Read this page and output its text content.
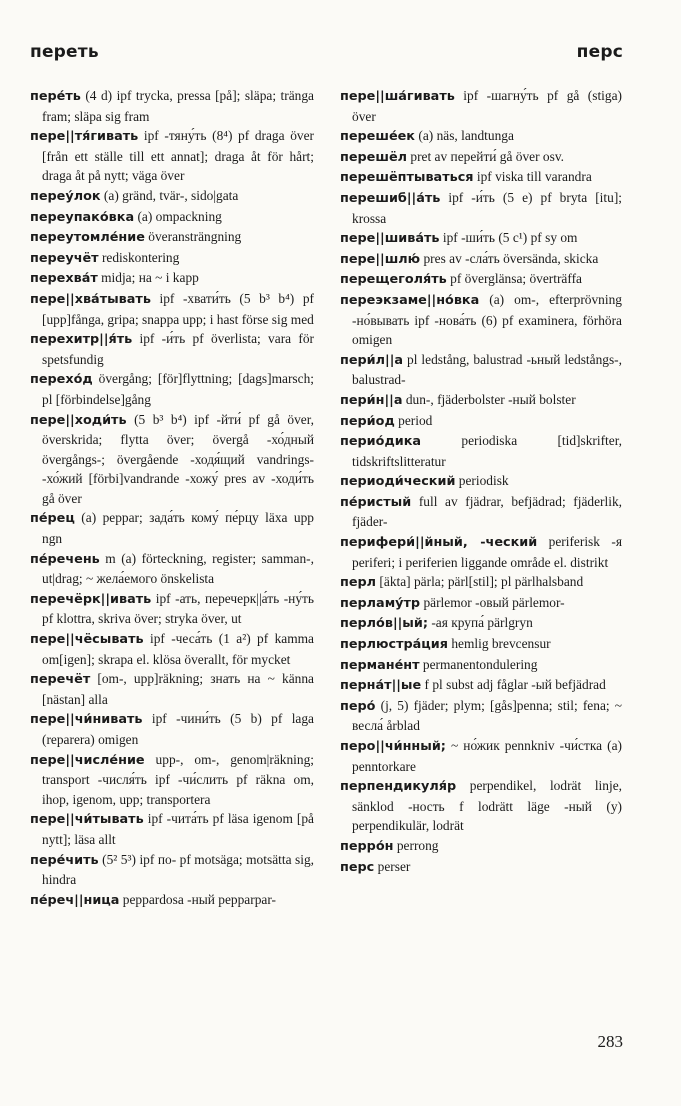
переть	перс

пере́ть (4 d) ipf trycka, pressa [på]; släpa; tränga fram; släpa sig fram

пере||тя́гивать ipf -тяну́ть (8⁴) pf draga över [från ett ställe till ett annat]; draga åt för hårt; draga åt på nytt; väga över

переу́лок (a) gränd, tvär-, sido|gata

переупако́вка (a) ompackning

переутомле́ние överansträngning

переучёт rediskontering

перехва́т midja; на ~ i kapp

пере||хва́тывать ipf -хвати́ть (5 b³ b⁴) pf [upp]fånga, gripa; snappa upp; i hast förse sig med

перехитр||я́ть ipf -и́ть pf överlista; vara för spetsfundig

перехо́д övergång; [för]flyttning; [dags]marsch; pl [förbindelse]gång

пере||ходи́ть (5 b³ b⁴) ipf -йти́ pf gå över, överskrida; flytta över; övergå -хо́дный övergångs-; övergående -ходя́щий vandrings- -хо́жий [förbi]vandrande -хожу́ pres av -ходи́ть gå över

пе́рец (a) peppar; зада́ть кому́ пе́рцу läxa upp ngn

пе́речень m (a) förteckning, register; samman-, ut|drag; ~ жела́емого önskelista

перечёрк||ивать ipf -ать, перечерк||а́ть -ну́ть pf klottra, skriva över; stryka över, ut

пере||чёсывать ipf -чеса́ть (1 a²) pf kamma om[igen]; skrapa el. klösa överallt, för mycket

перечёт [om-, upp]räkning; знать на ~ känna [nästan] alla

пере||чи́нивать ipf -чини́ть (5 b) pf laga (reparera) omigen

пере||числе́ние upp-, om-, genom|räkning; transport -числя́ть ipf -чи́слить pf räkna om, ihop, igenom, upp; transportera

пере||чи́тывать ipf -чита́ть pf läsa igenom [på nytt]; läsa allt

пере́чить (5² 5³) ipf по- pf motsäga; motsätta sig, hindra

пе́реч||ница peppardosa -ный pepparpar-

пере||ша́гивать ipf -шагну́ть pf gå (stiga) över

переше́ек (a) näs, landtunga

перешёл pret av перейти́ gå över osv.

перешёптываться ipf viska till varandra

перешиб||а́ть ipf -и́ть (5 e) pf bryta [itu]; krossa

пере||шива́ть ipf -ши́ть (5 c¹) pf sy om

пере||шлю́ pres av -сла́ть översända, skicka

перещеголя́ть pf överglänsa; överträffa

переэкзаме||но́вка (a) om-, efterprövning -но́вывать ipf -нова́ть (6) pf examinera, förhöra omigen

пери́л||а pl ledstång, balustrad -ьный ledstångs-, balustrad-

пери́н||а dun-, fjäderbolster -ный bolster

пери́од period

перио́дика	periodiska [tid]skrifter, tidskriftslitteratur

периоди́ческий periodisk

пе́ристый full av fjädrar, befjädrad; fjäderlik, fjäder-

перифери́||йный, -ческий periferisk -я periferi; i periferien liggande område el. distrikt

перл [äkta] pärla; pärl[stil]; pl pärlhalsband

перламу́тр pärlemor -овый pärlemor-

перло́в||ый; -ая крупа́ pärlgryn

перлюстра́ция hemlig brevcensur

пермане́нт permanentondulering

перна́т||ые f pl subst adj fåglar -ый befjädrad

перо́ (j, 5) fjäder; plym; [gås]penna; stil; fena; ~ весла́ årblad

перо||чи́нный; ~ но́жик pennkniv -чи́стка (a) penntorkare

перпендикуля́р perpendikel, lodrät linje, sänklod -ность f lodrätt läge -ный (y) perpendikulär, lodrät

перро́н perrong

перс perser

283
